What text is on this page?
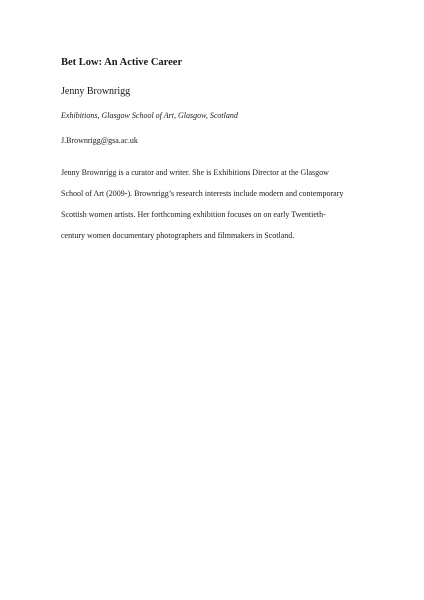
Bet Low: An Active Career
Jenny Brownrigg
Exhibitions, Glasgow School of Art, Glasgow, Scotland
J.Brownrigg@gsa.ac.uk
Jenny Brownrigg is a curator and writer. She is Exhibitions Director at the Glasgow
School of Art (2009-). Brownrigg’s research interests include modern and contemporary
Scottish women artists. Her forthcoming exhibition focuses on on early Twentieth-
century women documentary photographers and filmmakers in Scotland.
